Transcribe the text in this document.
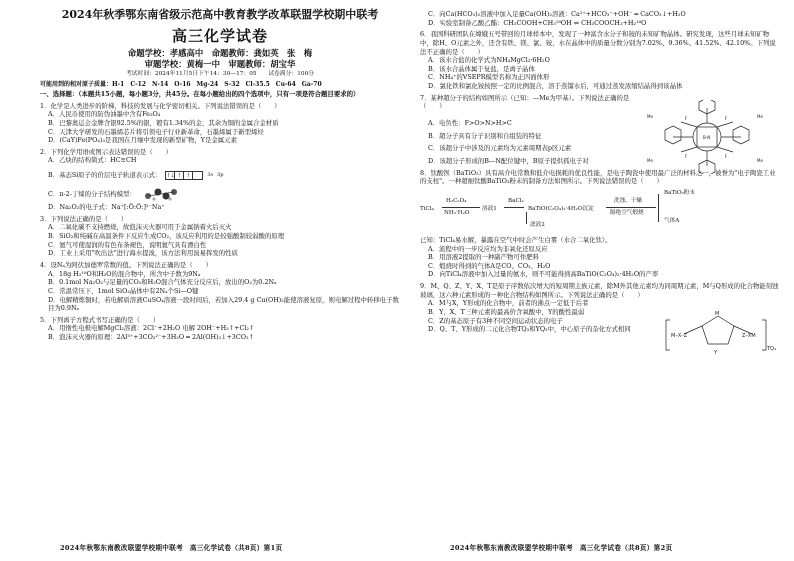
2024年秋季鄂东南省级示范高中教育教学改革联盟学校期中联考
高三化学试卷
命题学校：孝感高中　命题教师：龚如英　张　梅
审题学校：黄梅一中　审题教师：胡宝华
考试时间：2024年11月5日下午14：30—17：05　　试卷满分：100分
可能用到的相对原子质量：H-1　C-12　N-14　O-16　Mg-24　S-32　Cl-35.5　Cu-64　Ga-70
一、选择题：（本题共15小题，每小题3分，共45分。在每小题给出的四个选项中，只有一项是符合题目要求的）

1．化学是人类进步的阶梯，科技的发展与化学密切相关。下列说法错误的是（　　）

A．人民币使用的防伪油墨中含有Fe₃O₄

B．巴黎奥运会金牌含银92.5%的银，镀有1.34%的金，其余为铜的金属合金材质

C．天津大学研发的石墨烯芯片将引领电子行业新革命，石墨烯属于新型烯烃

D．(CaY)Fe(PO₄)₃是我国在月壤中发现的新型矿物，Y是金属元素

2．下列化学用语或图示表达错误的是（　　）

A．乙炔的结构简式：HC≡CH

B．基态Si原子的价层电子轨道表示式： ↑↓ ↑ ↑	3s 3p
C．π-2-丁烯的分子结构模型：

D．Na₂O₂的电子式：Na⁺[:Ö:Ö:]²⁻Na⁺

3．下列说法正确的是（　　）

A．二氧化碳不支持燃烧，故泡沫灭火器可用于金属钠着火后灭火

B．SiO₂和纯碱在高温条件下反应生成CO₂，该反应利用的是较强酸制较弱酸的原理

C．氦气可使湿润的有色布条褪色，说明氦气具有漂白性

D．工业上采用"吹出法"进行海水提溴，该方法利用溴易挥发的性质

4．设Nₐ为阿伏加德罗常数的值。下列说法正确的是（　　）

A．18g H₂¹⁸O和H₂O的混合物中，所含中子数为9Nₐ

B．0.1mol Na₂O₂与足量的CO₂和H₂O混合气体充分反应后，放出的O₂为0.2Nₐ

C．常温常压下，1mol SiO₂晶体中有2Nₐ个Si—O键

D．电解精炼铜时，若电解质溶液CuSO₄溶液一段时间后，若加入29.4 g Cu(OH)₂能使溶液复原，则电解过程中转移电子数目为0.9Nₐ

5．下列离子方程式书写正确的是（　　）

A．用惰性电极电解MgCl₂溶液：2Cl⁻+2H₂O 电解 2OH⁻+H₂↑+Cl₂↑

B．泡沫灭火器的原理：2Al³⁺+3CO₃²⁻+3H₂O ═ 2Al(OH)₃↓+3CO₂↑

C．向Ca(HCO₃)₂溶液中加入足量Ca(OH)₂溶液：Ca²⁺+HCO₃⁻+OH⁻ ═ CaCO₃↓+H₂O

D．实验室制备乙酸乙酯：CH₃COOH+CH₃¹⁸OH ⇌ CH₃COOCH₃+H₂¹⁸O

6．我国科研团队在嫦娥五号带回的月球样本中，发现了一种富含水分子和铵的未知矿物晶体。研究发现，这些月球未知矿物中，除H、O元素之外，还含有铁、镁、氯、铵，水在晶体中的质量分数分别为7.02%、9.36%、41.52%、42.10%。下列说法不正确的是（　　）

A．该水合盐的化学式为NH₄MgCl₃·6H₂O

B．该水合晶体属于复盐，是离子晶体

C．NH₄⁺的VSEPR模型名称为正四面体形

D．氯化铁和氯化铵按照一定的比例混合，溶于蒸馏水后，可通过蒸发浓缩结晶得到该晶体

7．某种超分子的结构如图所示（已知：—Me为甲基）。下列说法正确的是（　　）

A．电负性：F>O>N>H>C

B．超分子具有分子识别和自组装的特征

C．该超分子中涉及的元素均为元素周期表p区元素

D．该超分子形成的B—N配位键中，B原子提供孤电子对

Me	Me
Me	Me
B-N
F	F
F	F

8．钛酸钡（BaTiO₃）具有高介电常数和低介电损耗的优良性能，是电子陶瓷中使用最广泛的材料之一，被誉为"电子陶瓷工业的支柱"。一种超细钛酸BaTiO₃粉末的制备方法如图所示。下列说法错误的是（　　）

TiCl₄
H₂C₂O₄
NH₃·H₂O
溶液1
BaCl₂
BaTiO(C₂O₄)₂·4H₂O沉淀
滤液2
洗涤、干燥
隔绝空气煅烧
BaTiO₃粉末
气体A

已知：TiCl₄易水解，暴露在空气中时会产生白雾（水合二氧化钛）。

A．流程中的一步反应均为非氧化还原反应

B．用溶液2提取的一种副产物可作肥料

C．煅烧时得到的气体A是CO、CO₂、H₂O

D．向TiCl₄溶液中加入过量的氨水，则不可能得到高BaTiO(C₂O₄)₂·4H₂O的产率

9．M、Q、Z、Y、X、T是原子序数依次增大的短周期主族元素，除M外其他元素均为同周期元素，M与Q形成的化合物能刻蚀玻璃，这六种元素形成的一种化合物结构如图所示。下列说法正确的是（　　）

A．M与X，Y形成的化合物中，前者的沸点一定低于后者

B．Y、X、T三种元素的最高价含氧酸中，Y的酸性最弱

C．Z的基态原子有3种不同空间运动状态的电子

D．Q、T、Y形成的二元化合物TQ₃和YQ₃中，中心原子的杂化方式相同

M
M–X–Z	Z–XM
Y
TQ₄
2024年秋鄂东南教改联盟学校期中联考　高三化学试卷（共8页）第1页	2024年秋鄂东南教改联盟学校期中联考　高三化学试卷（共8页）第2页
